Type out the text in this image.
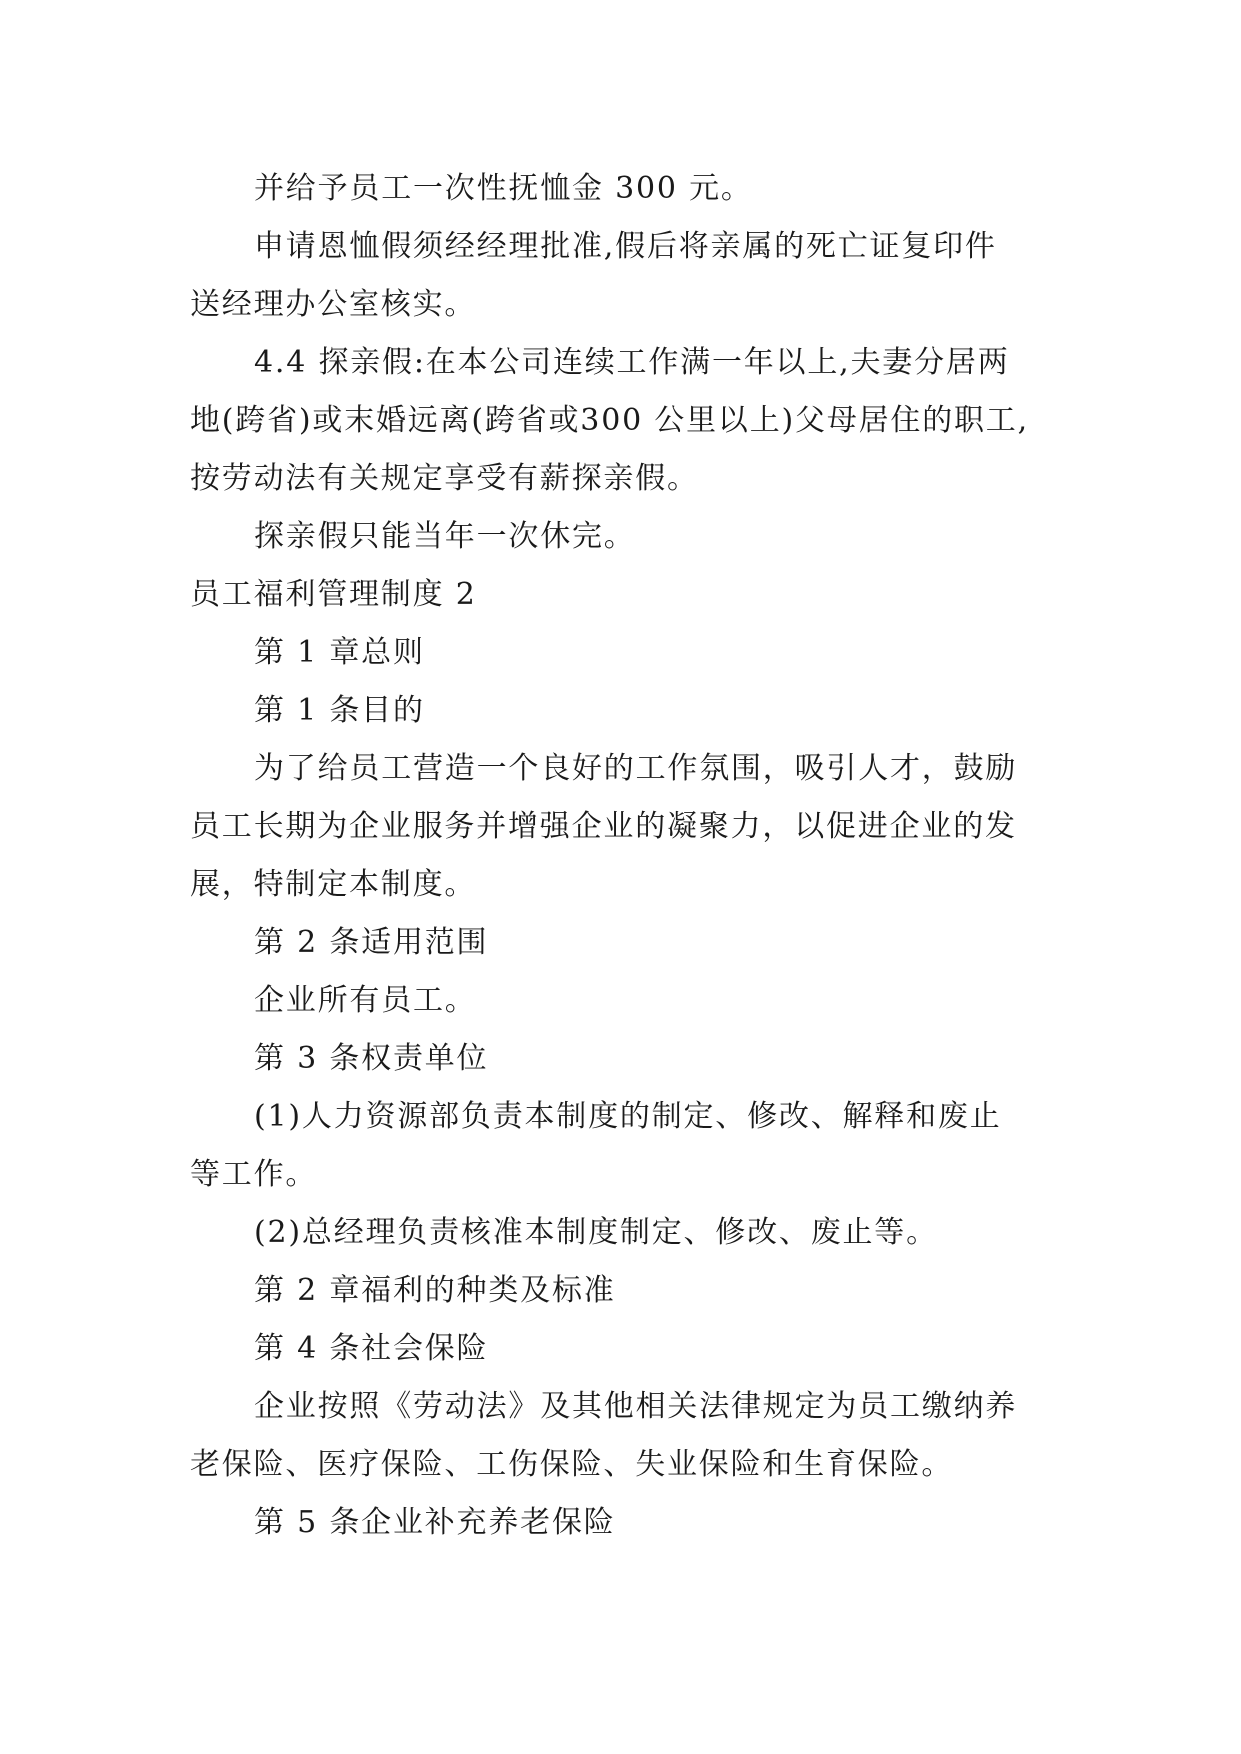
并给予员工一次性抚恤金 300 元。

申请恩恤假须经经理批准,假后将亲属的死亡证复印件

送经理办公室核实。

4.4 探亲假:在本公司连续工作满一年以上,夫妻分居两

地(跨省)或末婚远离(跨省或300 公里以上)父母居住的职工,

按劳动法有关规定享受有薪探亲假。

探亲假只能当年一次休完。

员工福利管理制度 2

第 1 章总则

第 1 条目的

为了给员工营造一个良好的工作氛围，吸引人才，鼓励

员工长期为企业服务并增强企业的凝聚力，以促进企业的发

展，特制定本制度。

第 2 条适用范围

企业所有员工。

第 3 条权责单位

(1)人力资源部负责本制度的制定、修改、解释和废止

等工作。

(2)总经理负责核准本制度制定、修改、废止等。

第 2 章福利的种类及标准

第 4 条社会保险

企业按照《劳动法》及其他相关法律规定为员工缴纳养

老保险、医疗保险、工伤保险、失业保险和生育保险。

第 5 条企业补充养老保险
